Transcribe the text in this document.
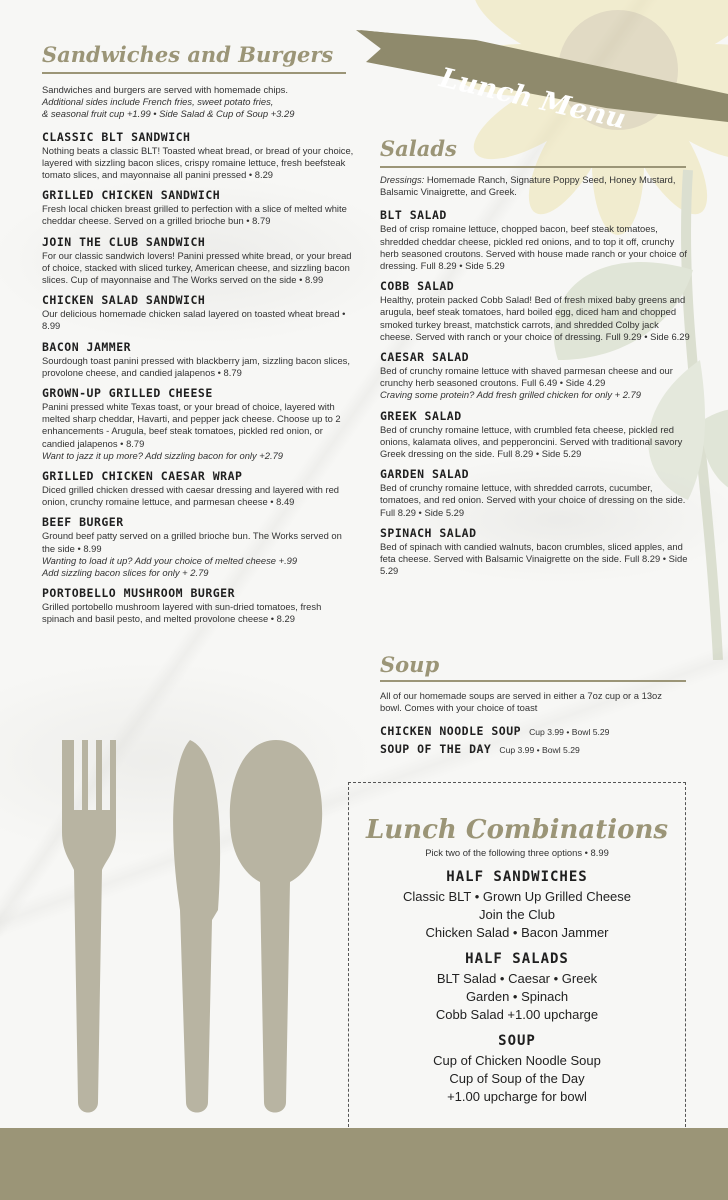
Lunch Menu
Sandwiches and Burgers
Sandwiches and burgers are served with homemade chips.
Additional sides include French fries, sweet potato fries,
& seasonal fruit cup +1.99 • Side Salad & Cup of Soup +3.29
CLASSIC BLT SANDWICH
Nothing beats a classic BLT! Toasted wheat bread, or bread of your choice, layered with sizzling bacon slices, crispy romaine lettuce, fresh beefsteak tomato slices, and mayonnaise all panini pressed • 8.29
GRILLED CHICKEN SANDWICH
Fresh local chicken breast grilled to perfection with a slice of melted white cheddar cheese. Served on a grilled brioche bun • 8.79
JOIN THE CLUB SANDWICH
For our classic sandwich lovers! Panini pressed white bread, or your bread of choice, stacked with sliced turkey, American cheese, and sizzling bacon slices. Cup of mayonnaise and The Works served on the side • 8.99
CHICKEN SALAD SANDWICH
Our delicious homemade chicken salad layered on toasted wheat bread • 8.99
BACON JAMMER
Sourdough toast panini pressed with blackberry jam, sizzling bacon slices, provolone cheese, and candied jalapenos • 8.79
GROWN-UP GRILLED CHEESE
Panini pressed white Texas toast, or your bread of choice, layered with melted sharp cheddar, Havarti, and pepper jack cheese. Choose up to 2 enhancements - Arugula, beef steak tomatoes, pickled red onion, or candied jalapenos • 8.79
Want to jazz it up more? Add sizzling bacon for only +2.79
GRILLED CHICKEN CAESAR WRAP
Diced grilled chicken dressed with caesar dressing and layered with red onion, crunchy romaine lettuce, and parmesan cheese • 8.49
BEEF BURGER
Ground beef patty served on a grilled brioche bun. The Works served on the side • 8.99
Wanting to load it up? Add your choice of melted cheese +.99
Add sizzling bacon slices for only + 2.79
PORTOBELLO MUSHROOM BURGER
Grilled portobello mushroom layered with sun-dried tomatoes, fresh spinach and basil pesto, and melted provolone cheese • 8.29
Salads
Dressings: Homemade Ranch, Signature Poppy Seed, Honey Mustard, Balsamic Vinaigrette, and Greek.
BLT SALAD
Bed of crisp romaine lettuce, chopped bacon, beef steak tomatoes, shredded cheddar cheese, pickled red onions, and to top it off, crunchy herb seasoned croutons. Served with house made ranch or your choice of dressing. Full 8.29 • Side 5.29
COBB SALAD
Healthy, protein packed Cobb Salad! Bed of fresh mixed baby greens and arugula, beef steak tomatoes, hard boiled egg, diced ham and chopped smoked turkey breast, matchstick carrots, and shredded Colby jack cheese. Served with ranch or your choice of dressing. Full 9.29 • Side 6.29
CAESAR SALAD
Bed of crunchy romaine lettuce with shaved parmesan cheese and our crunchy herb seasoned croutons. Full 6.49 • Side 4.29
Craving some protein? Add fresh grilled chicken for only + 2.79
GREEK SALAD
Bed of crunchy romaine lettuce, with crumbled feta cheese, pickled red onions, kalamata olives, and pepperoncini. Served with traditional savory Greek dressing on the side. Full 8.29 • Side 5.29
GARDEN SALAD
Bed of crunchy romaine lettuce, with shredded carrots, cucumber, tomatoes, and red onion. Served with your choice of dressing on the side. Full 8.29 • Side 5.29
SPINACH SALAD
Bed of spinach with candied walnuts, bacon crumbles, sliced apples, and feta cheese. Served with Balsamic Vinaigrette on the side. Full 8.29 • Side 5.29
Soup
All of our homemade soups are served in either a 7oz cup or a 13oz bowl. Comes with your choice of toast
CHICKEN NOODLE SOUP Cup 3.99 • Bowl 5.29
SOUP OF THE DAY Cup 3.99 • Bowl 5.29
Lunch Combinations
Pick two of the following three options • 8.99
HALF SANDWICHES
Classic BLT • Grown Up Grilled Cheese
Join the Club
Chicken Salad • Bacon Jammer
HALF SALADS
BLT Salad • Caesar • Greek
Garden • Spinach
Cobb Salad +1.00 upcharge
SOUP
Cup of Chicken Noodle Soup
Cup of Soup of the Day
+1.00 upcharge for bowl
